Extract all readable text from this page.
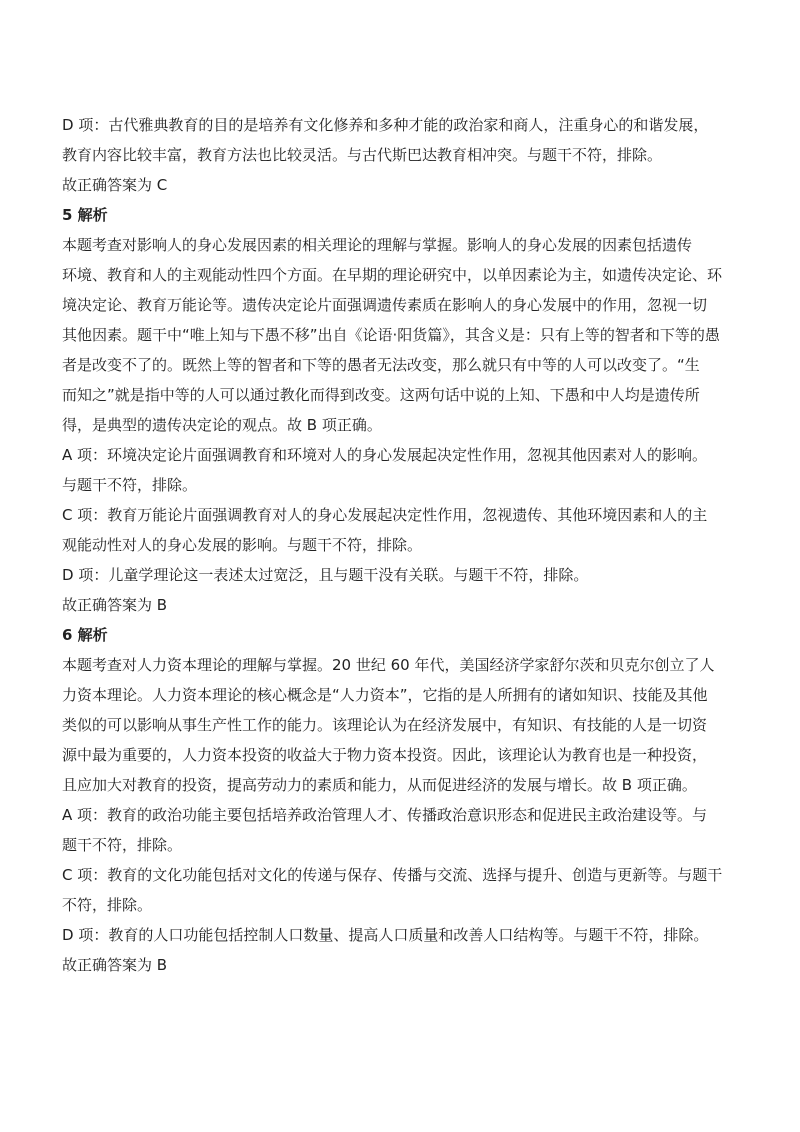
D 项：古代雅典教育的目的是培养有文化修养和多种才能的政治家和商人，注重身心的和谐发展，
教育内容比较丰富，教育方法也比较灵活。与古代斯巴达教育相冲突。与题干不符，排除。
故正确答案为 C
5 解析
本题考查对影响人的身心发展因素的相关理论的理解与掌握。影响人的身心发展的因素包括遗传
环境、教育和人的主观能动性四个方面。在早期的理论研究中，以单因素论为主，如遗传决定论、环
境决定论、教育万能论等。遗传决定论片面强调遗传素质在影响人的身心发展中的作用，忽视一切
其他因素。题干中“唯上知与下愚不移”出自《论语·阳货篇》，其含义是：只有上等的智者和下等的愚
者是改变不了的。既然上等的智者和下等的愚者无法改变，那么就只有中等的人可以改变了。“生
而知之”就是指中等的人可以通过教化而得到改变。这两句话中说的上知、下愚和中人均是遗传所
得，是典型的遗传决定论的观点。故 B 项正确。
A 项：环境决定论片面强调教育和环境对人的身心发展起决定性作用，忽视其他因素对人的影响。
与题干不符，排除。
C 项：教育万能论片面强调教育对人的身心发展起决定性作用，忽视遗传、其他环境因素和人的主
观能动性对人的身心发展的影响。与题干不符，排除。
D 项：儿童学理论这一表述太过宽泛，且与题干没有关联。与题干不符，排除。
故正确答案为 B
6 解析
本题考查对人力资本理论的理解与掌握。20 世纪 60 年代，美国经济学家舒尔茨和贝克尔创立了人
力资本理论。人力资本理论的核心概念是“人力资本”，它指的是人所拥有的诸如知识、技能及其他
类似的可以影响从事生产性工作的能力。该理论认为在经济发展中，有知识、有技能的人是一切资
源中最为重要的，人力资本投资的收益大于物力资本投资。因此，该理论认为教育也是一种投资，
且应加大对教育的投资，提高劳动力的素质和能力，从而促进经济的发展与增长。故 B 项正确。
A 项：教育的政治功能主要包括培养政治管理人才、传播政治意识形态和促进民主政治建设等。与
题干不符，排除。
C 项：教育的文化功能包括对文化的传递与保存、传播与交流、选择与提升、创造与更新等。与题干
不符，排除。
D 项：教育的人口功能包括控制人口数量、提高人口质量和改善人口结构等。与题干不符，排除。
故正确答案为 B
